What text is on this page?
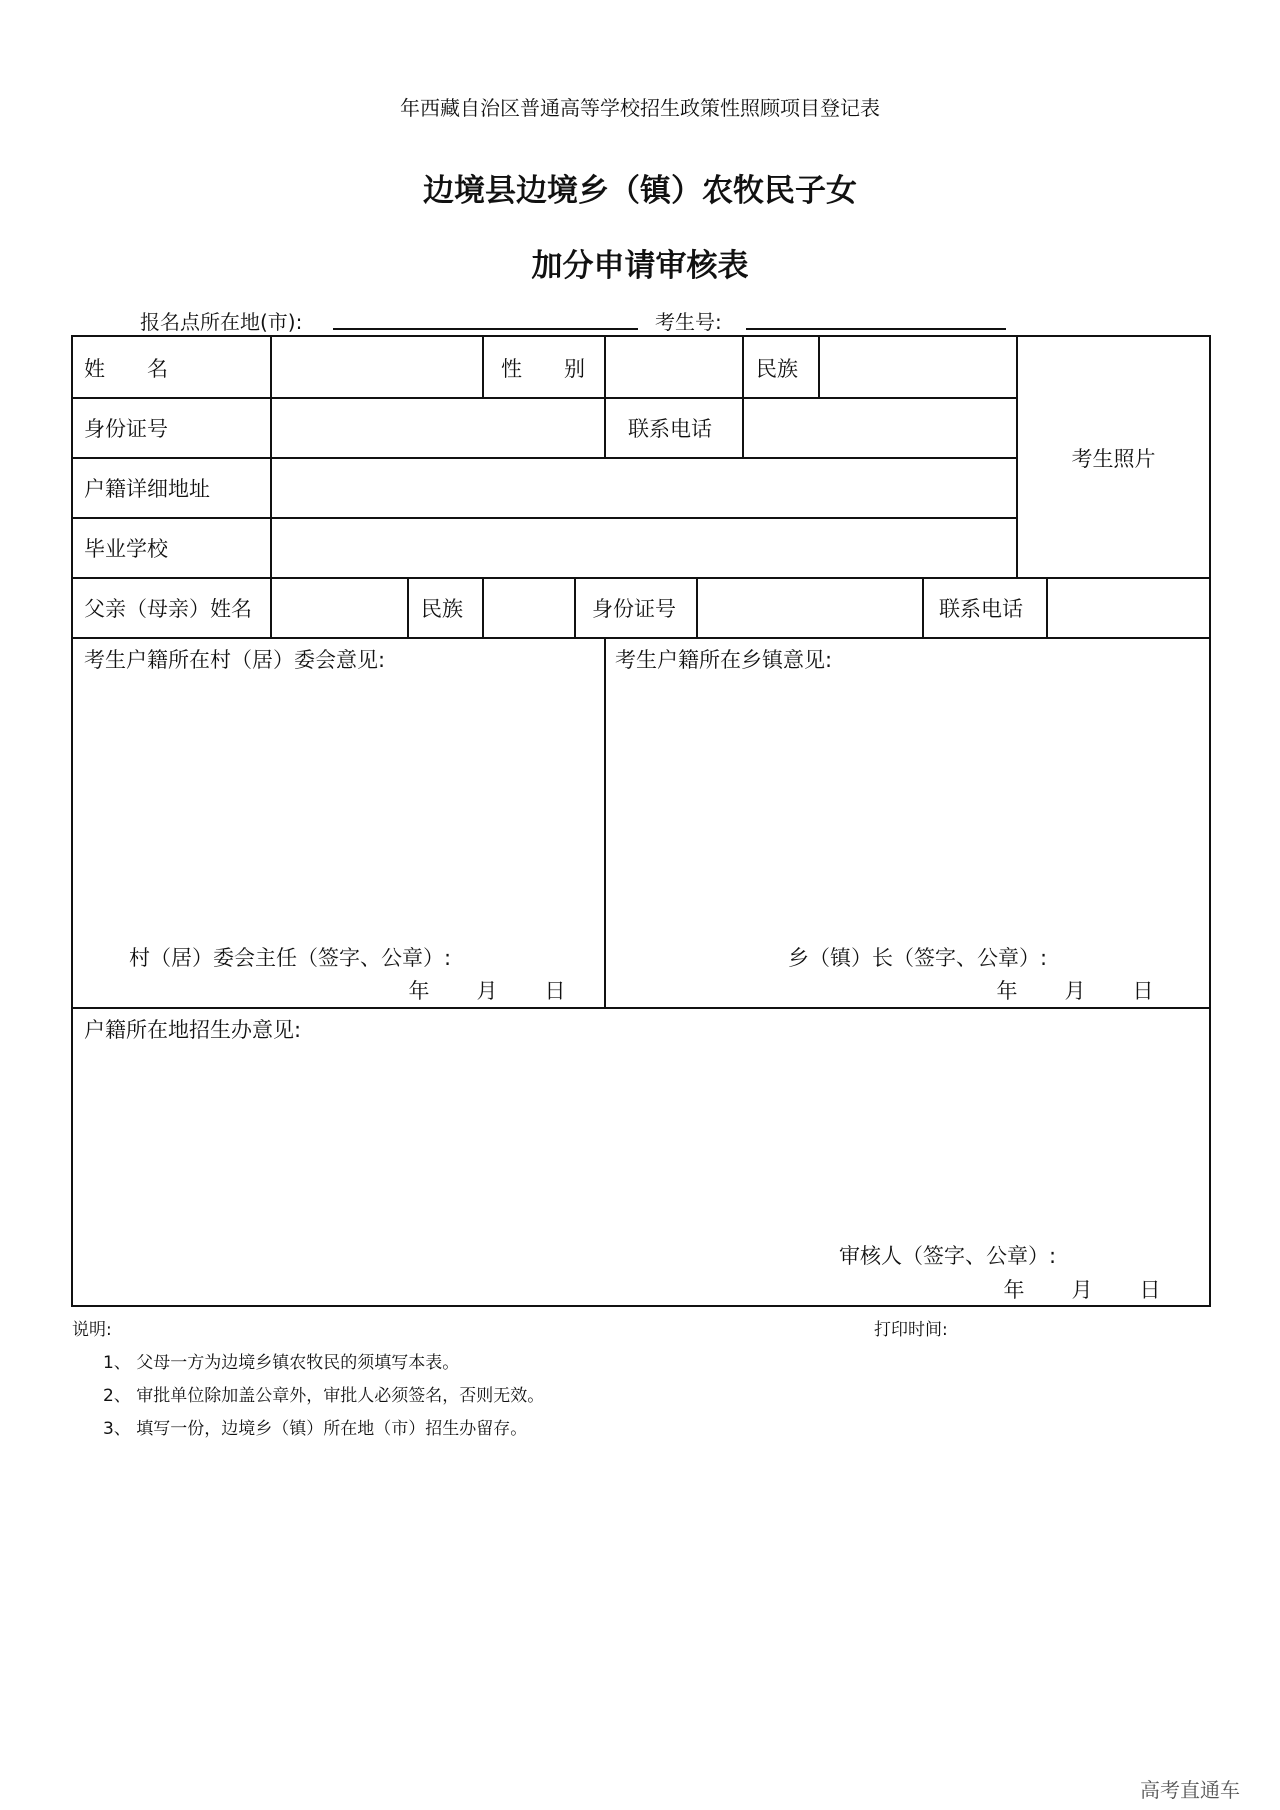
年西藏自治区普通高等学校招生政策性照顾项目登记表
边境县边境乡（镇）农牧民子女
加分申请审核表
报名点所在地(市):	考生号:
姓　　名	性　　别	民族
身份证号	联系电话
户籍详细地址
毕业学校
考生照片
父亲（母亲）姓名	民族	身份证号	联系电话
考生户籍所在村（居）委会意见:
村（居）委会主任（签字、公章）:
年 月 日
考生户籍所在乡镇意见:
乡（镇）长（签字、公章）:
年 月 日
户籍所在地招生办意见:
审核人（签字、公章）:
年 月 日
说明:	打印时间:
1、 父母一方为边境乡镇农牧民的须填写本表。
2、 审批单位除加盖公章外，审批人必须签名，否则无效。
3、 填写一份，边境乡（镇）所在地（市）招生办留存。
高考直通车
